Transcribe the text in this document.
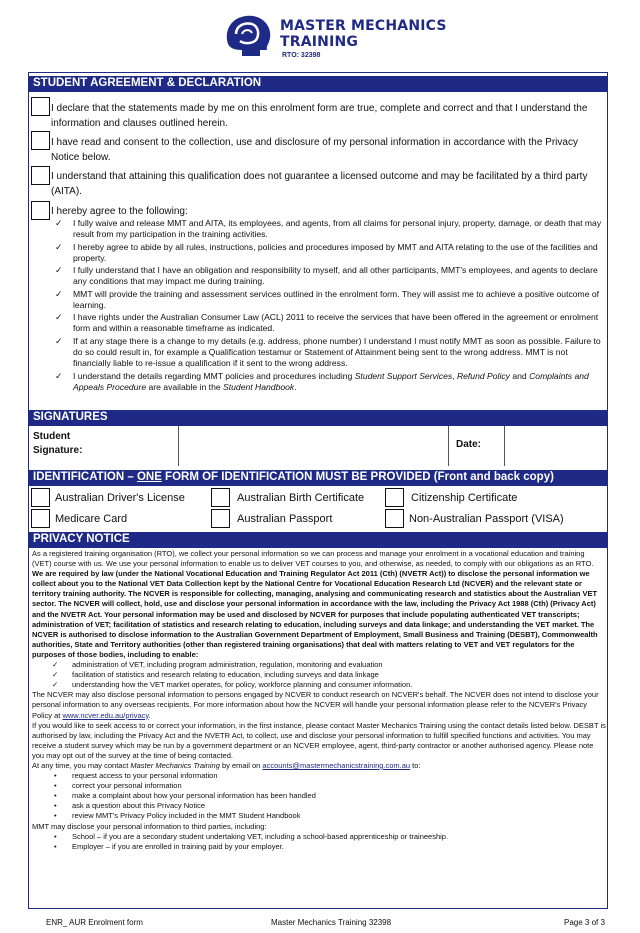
MASTER MECHANICS
TRAINING
RTO: 32398
STUDENT AGREEMENT & DECLARATION
I declare that the statements made by me on this enrolment form are true, complete and correct and that I understand the information and clauses outlined herein.
I have read and consent to the collection, use and disclosure of my personal information in accordance with the Privacy Notice below.
I understand that attaining this qualification does not guarantee a licensed outcome and may be facilitated by a third party (AITA).
I hereby agree to the following:
✓ I fully waive and release MMT and AITA, its employees, and agents, from all claims for personal injury, property, damage, or death that may result from my participation in the training activities.
✓ I hereby agree to abide by all rules, instructions, policies and procedures imposed by MMT and AITA relating to the use of the facilities and property.
✓ I fully understand that I have an obligation and responsibility to myself, and all other participants, MMT's employees, and agents to declare any conditions that may impact me during training.
✓ MMT will provide the training and assessment services outlined in the enrolment form. They will assist me to achieve a positive outcome of learning.
✓ I have rights under the Australian Consumer Law (ACL) 2011 to receive the services that have been offered in the agreement or enrolment form and within a reasonable timeframe as indicated.
✓ If at any stage there is a change to my details (e.g. address, phone number) I understand I must notify MMT as soon as possible. Failure to do so could result in, for example a Qualification testamur or Statement of Attainment being sent to the wrong address. MMT is not financially liable to re-issue a qualification if it sent to the wrong address.
✓ I understand the details regarding MMT policies and procedures including Student Support Services, Refund Policy and Complaints and Appeals Procedure are available in the Student Handbook.
SIGNATURES
Student
Signature:
Date:
IDENTIFICATION – ONE FORM OF IDENTIFICATION MUST BE PROVIDED (Front and back copy)
Australian Driver's License	Australian Birth Certificate	Citizenship Certificate
Medicare Card	Australian Passport	Non-Australian Passport (VISA)
PRIVACY NOTICE

As a registered training organisation (RTO), we collect your personal information so we can process and manage your enrolment in a vocational education and training (VET) course with us. We use your personal information to enable us to deliver VET courses to you, and otherwise, as needed, to comply with our obligations as an RTO.

We are required by law (under the National Vocational Education and Training Regulator Act 2011 (Cth) (NVETR Act)) to disclose the personal information we collect about you to the National VET Data Collection kept by the National Centre for Vocational Education Research Ltd (NCVER) and the relevant state or territory training authority. The NCVER is responsible for collecting, managing, analysing and communicating research and statistics about the Australian VET sector. The NCVER will collect, hold, use and disclose your personal information in accordance with the law, including the Privacy Act 1988 (Cth) (Privacy Act) and the NVETR Act. Your personal information may be used and disclosed by NCVER for purposes that include populating authenticated VET transcripts; administration of VET; facilitation of statistics and research relating to education, including surveys and data linkage; and understanding the VET market. The NCVER is authorised to disclose information to the Australian Government Department of Employment, Small Business and Training (DESBT), Commonwealth authorities, State and Territory authorities (other than registered training organisations) that deal with matters relating to VET and VET regulators for the purposes of those bodies, including to enable:

✓ administration of VET, including program administration, regulation, monitoring and evaluation
✓ facilitation of statistics and research relating to education, including surveys and data linkage
✓ understanding how the VET market operates, for policy, workforce planning and consumer information.

The NCVER may also disclose personal information to persons engaged by NCVER to conduct research on NCVER's behalf. The NCVER does not intend to disclose your personal information to any overseas recipients. For more information about how the NCVER will handle your personal information please refer to the NCVER's Privacy Policy at www.ncver.edu.au/privacy.

If you would like to seek access to or correct your information, in the first instance, please contact Master Mechanics Training using the contact details listed below. DESBT is authorised by law, including the Privacy Act and the NVETR Act, to collect, use and disclose your personal information to fulfill specified functions and activities. You may receive a student survey which may be run by a government department or an NCVER employee, agent, third-party contractor or another authorised agency. Please note you may opt out of the survey at the time of being contacted.

At any time, you may contact Master Mechanics Training by email on accounts@mastermechanicstraining.com.au to:

• request access to your personal information
• correct your personal information
• make a complaint about how your personal information has been handled
• ask a question about this Privacy Notice
• review MMT's Privacy Policy included in the MMT Student Handbook

MMT may disclose your personal information to third parties, including:

• School – if you are a secondary student undertaking VET, including a school-based apprenticeship or traineeship.
• Employer – if you are enrolled in training paid by your employer.
ENR_ AUR Enrolment form	Master Mechanics Training 32398	Page 3 of 3
